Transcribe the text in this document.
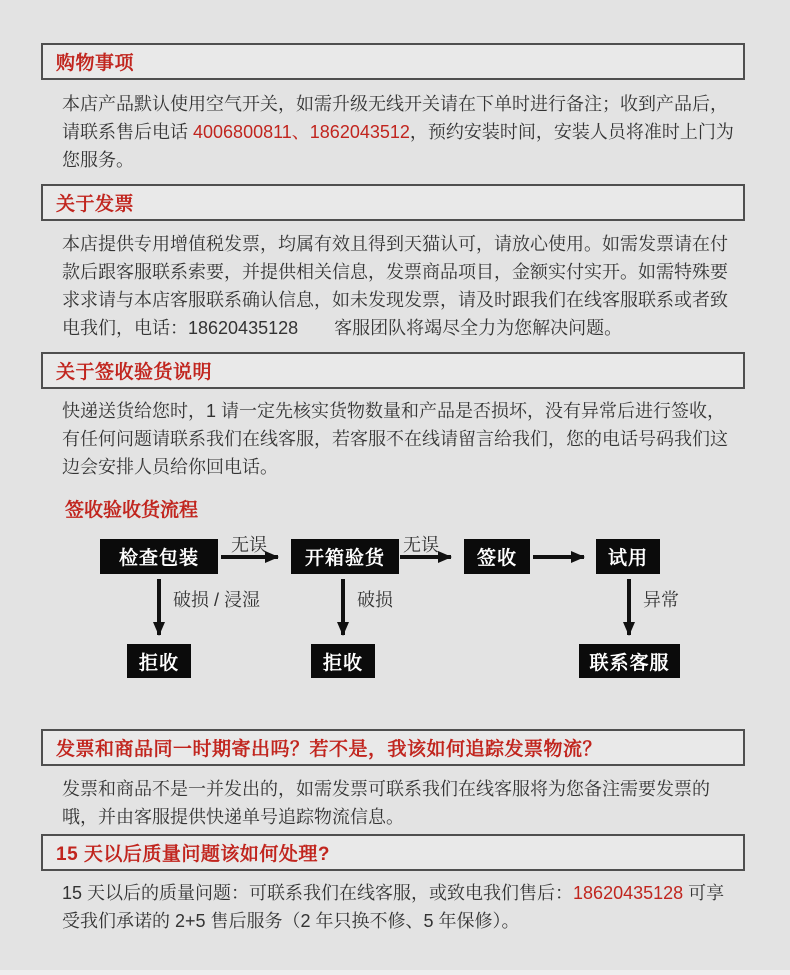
购物事项

本店产品默认使用空气开关，如需升级无线开关请在下单时进行备注；收到产品后，请联系售后电话 4006800811、1862043512，预约安装时间，安装人员将准时上门为您服务。

关于发票

本店提供专用增值税发票，均属有效且得到天猫认可，请放心使用。如需发票请在付款后跟客服联系索要，并提供相关信息，发票商品项目，金额实付实开。如需特殊要求求请与本店客服联系确认信息，如未发现发票，请及时跟我们在线客服联系或者致电我们，电话：18620435128　　客服团队将竭尽全力为您解决问题。

关于签收验货说明

快递送货给您时，1 请一定先核实货物数量和产品是否损坏，没有异常后进行签收，有任何问题请联系我们在线客服，若客服不在线请留言给我们，您的电话号码我们这边会安排人员给你回电话。

签收验收货流程
检查包装	开箱验货	签收	试用
无误	无误
破损 / 浸湿	破损	异常
拒收	拒收	联系客服
发票和商品同一时期寄出吗？若不是，我该如何追踪发票物流？

发票和商品不是一并发出的，如需发票可联系我们在线客服将为您备注需要发票的哦，并由客服提供快递单号追踪物流信息。

15 天以后质量问题该如何处理?

15 天以后的质量问题：可联系我们在线客服，或致电我们售后：18620435128 可享受我们承诺的 2+5 售后服务（2 年只换不修、5 年保修）。
